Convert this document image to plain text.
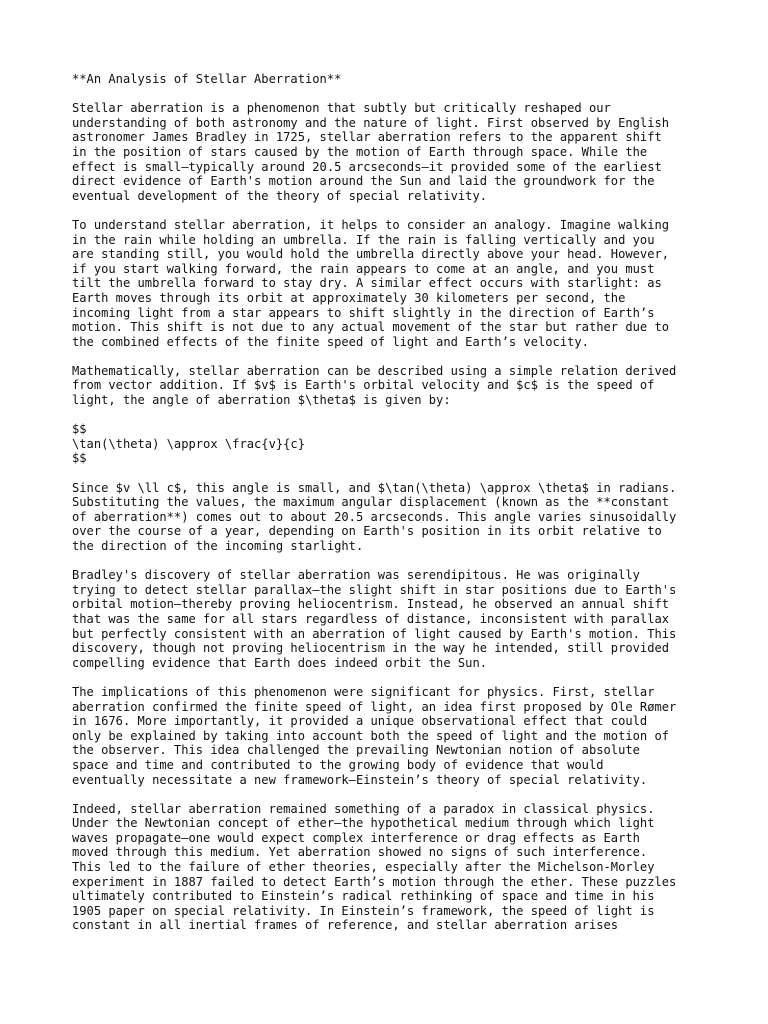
**An Analysis of Stellar Aberration**

Stellar aberration is a phenomenon that subtly but critically reshaped our
understanding of both astronomy and the nature of light. First observed by English
astronomer James Bradley in 1725, stellar aberration refers to the apparent shift
in the position of stars caused by the motion of Earth through space. While the
effect is small—typically around 20.5 arcseconds—it provided some of the earliest
direct evidence of Earth's motion around the Sun and laid the groundwork for the
eventual development of the theory of special relativity.

To understand stellar aberration, it helps to consider an analogy. Imagine walking
in the rain while holding an umbrella. If the rain is falling vertically and you
are standing still, you would hold the umbrella directly above your head. However,
if you start walking forward, the rain appears to come at an angle, and you must
tilt the umbrella forward to stay dry. A similar effect occurs with starlight: as
Earth moves through its orbit at approximately 30 kilometers per second, the
incoming light from a star appears to shift slightly in the direction of Earth’s
motion. This shift is not due to any actual movement of the star but rather due to
the combined effects of the finite speed of light and Earth’s velocity.

Mathematically, stellar aberration can be described using a simple relation derived
from vector addition. If $v$ is Earth's orbital velocity and $c$ is the speed of
light, the angle of aberration $\theta$ is given by:

$$
\tan(\theta) \approx \frac{v}{c}
$$

Since $v \ll c$, this angle is small, and $\tan(\theta) \approx \theta$ in radians.
Substituting the values, the maximum angular displacement (known as the **constant
of aberration**) comes out to about 20.5 arcseconds. This angle varies sinusoidally
over the course of a year, depending on Earth's position in its orbit relative to
the direction of the incoming starlight.

Bradley's discovery of stellar aberration was serendipitous. He was originally
trying to detect stellar parallax—the slight shift in star positions due to Earth's
orbital motion—thereby proving heliocentrism. Instead, he observed an annual shift
that was the same for all stars regardless of distance, inconsistent with parallax
but perfectly consistent with an aberration of light caused by Earth's motion. This
discovery, though not proving heliocentrism in the way he intended, still provided
compelling evidence that Earth does indeed orbit the Sun.

The implications of this phenomenon were significant for physics. First, stellar
aberration confirmed the finite speed of light, an idea first proposed by Ole Rømer
in 1676. More importantly, it provided a unique observational effect that could
only be explained by taking into account both the speed of light and the motion of
the observer. This idea challenged the prevailing Newtonian notion of absolute
space and time and contributed to the growing body of evidence that would
eventually necessitate a new framework—Einstein’s theory of special relativity.

Indeed, stellar aberration remained something of a paradox in classical physics.
Under the Newtonian concept of ether—the hypothetical medium through which light
waves propagate—one would expect complex interference or drag effects as Earth
moved through this medium. Yet aberration showed no signs of such interference.
This led to the failure of ether theories, especially after the Michelson-Morley
experiment in 1887 failed to detect Earth’s motion through the ether. These puzzles
ultimately contributed to Einstein’s radical rethinking of space and time in his
1905 paper on special relativity. In Einstein’s framework, the speed of light is
constant in all inertial frames of reference, and stellar aberration arises
